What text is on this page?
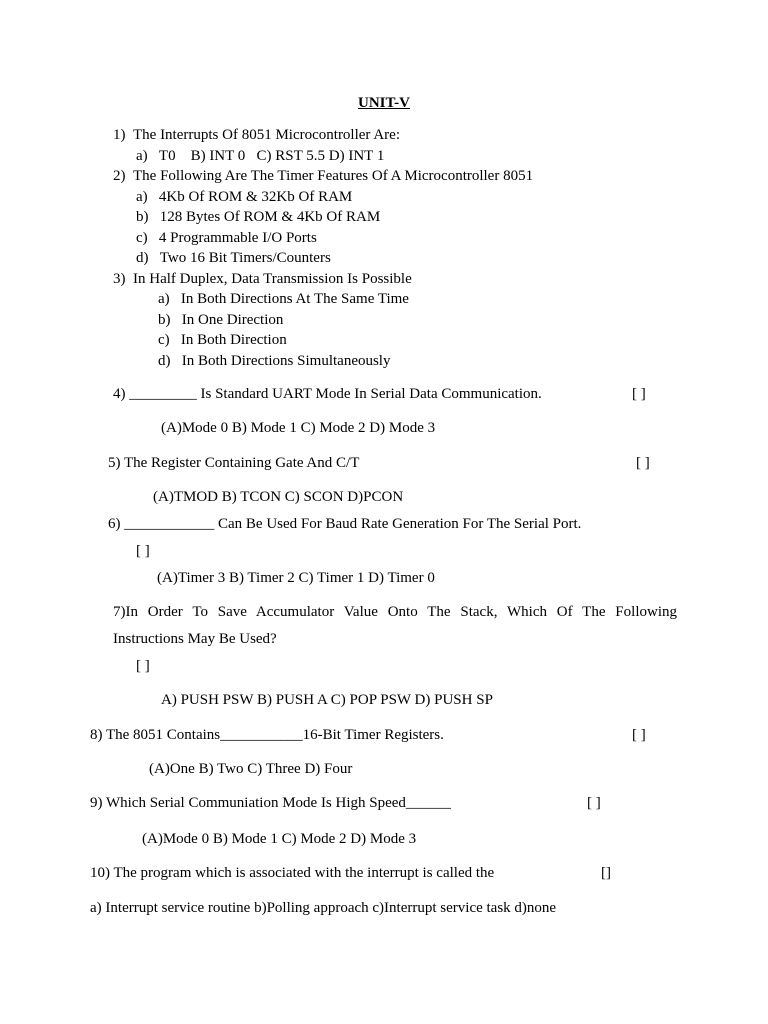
UNIT-V
1)  The Interrupts Of 8051 Microcontroller Are:
a)   T0    B) INT 0   C) RST 5.5 D) INT 1
2)  The Following Are The Timer Features Of A Microcontroller 8051
a)   4Kb Of ROM & 32Kb Of RAM
b)   128 Bytes Of ROM & 4Kb Of RAM
c)   4 Programmable I/O Ports
d)   Two 16 Bit Timers/Counters
3)  In Half Duplex, Data Transmission Is Possible
a)   In Both Directions At The Same Time
b)   In One Direction
c)   In Both Direction
d)   In Both Directions Simultaneously
4) _________ Is Standard UART Mode In Serial Data Communication.	[ ]
(A)Mode 0 B) Mode 1 C) Mode 2 D) Mode 3
5) The Register Containing Gate And C/T	[ ]
(A)TMOD B) TCON C) SCON D)PCON
6) ____________ Can Be Used For Baud Rate Generation For The Serial Port.
[ ]
(A)Timer 3 B) Timer 2 C) Timer 1 D) Timer 0
7)In Order To Save Accumulator Value Onto The Stack, Which Of The Following Instructions May Be Used?
[ ]
A) PUSH PSW B) PUSH A C) POP PSW D) PUSH SP
8) The 8051 Contains___________16-Bit Timer Registers.	[ ]
(A)One B) Two C) Three D) Four
9) Which Serial Communiation Mode Is High Speed______	[ ]
(A)Mode 0 B) Mode 1 C) Mode 2 D) Mode 3
10) The program which is associated with the interrupt is called the	[]
a) Interrupt service routine b)Polling approach c)Interrupt service task d)none
